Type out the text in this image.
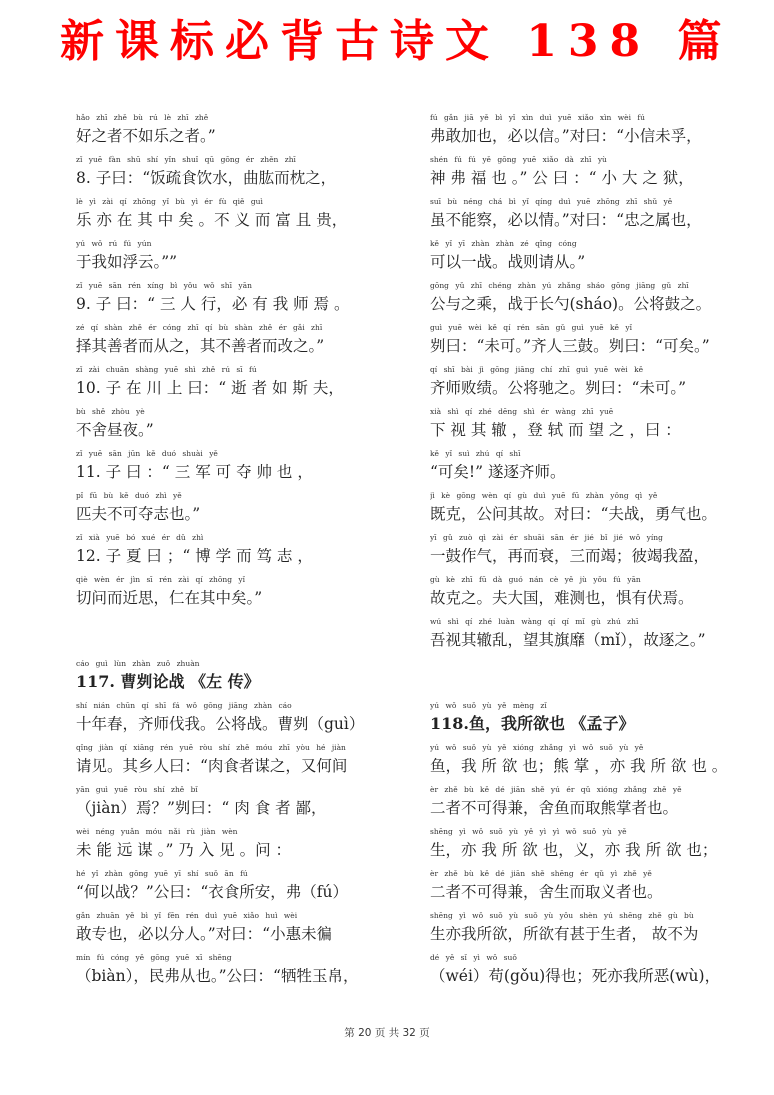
新课标必背古诗文 138 篇
hǎo zhī zhě bù rú lè zhī zhě
好之者不如乐之者。”
zǐ yuē fàn shū shí yǐn shuǐ qū gōng ér zhěn zhī
8. 子曰：“饭疏食饮水，曲肱而枕之，
lè yì zài qí zhōng yǐ bù yì ér fù qiě guì
乐 亦 在 其 中 矣 。不 义 而 富 且 贵，
yú wǒ rú fú yún
于我如浮云。””
zǐ yuē sān rén xíng bì yǒu wǒ shī yān
9. 子 曰：“ 三 人 行，必 有 我 师 焉 。
zé qí shàn zhě ér cóng zhī qí bù shàn zhě ér gǎi zhī
择其善者而从之，其不善者而改之。”
zǐ zài chuān shàng yuē shì zhě rú sī fú
10. 子 在 川 上 曰：“ 逝 者 如 斯 夫，
bù shě zhòu yè
不舍昼夜。”
zǐ yuē sān jūn kě duó shuài yě
11. 子 曰 ：“ 三 军 可 夺 帅 也 ，
pǐ fū bù kě duó zhì yě
匹夫不可夺志也。”
zǐ xià yuē bó xué ér dǔ zhì
12. 子 夏 曰 ；“ 博 学 而 笃 志 ，
qiè wèn ér jìn sī rén zài qí zhōng yǐ
切问而近思，仁在其中矣。”
cáo guì lùn zhàn zuǒ zhuàn
117. 曹刿论战 《左 传》
shí nián chūn qí shī fá wǒ gōng jiāng zhàn cáo
十年春，齐师伐我。公将战。曹刿（guì）
qǐng jiàn qí xiāng rén yuē ròu shí zhě móu zhī yòu hé jiàn
请见。其乡人曰：“肉食者谋之，又何间
yān guì yuē ròu shí zhě bǐ
（jiàn）焉？”刿曰：“ 肉 食 者 鄙，
wèi néng yuǎn móu nǎi rù jiàn wèn
未 能 远 谋 。” 乃 入 见 。问 ：
hé yǐ zhàn gōng yuē yī shí suǒ ān fú
“何以战？”公曰：“衣食所安，弗（fú）
gǎn zhuān yě bì yǐ fēn rén duì yuē xiǎo huì wèi
敢专也，必以分人。”对曰：“小惠未徧
mín fú cóng yě gōng yuē xī shēng
（biàn），民弗从也。”公曰：“牺牲玉帛，
fú gǎn jiā yě bì yǐ xìn duì yuē xiǎo xìn wèi fú
弗敢加也，必以信。”对曰：“小信未孚，
shén fú fú yě gōng yuē xiǎo dà zhī yù
神 弗 福 也 。” 公 曰 ：“ 小 大 之 狱，
suī bù néng chá bì yǐ qíng duì yuē zhōng zhī shǔ yě
虽不能察，必以情。”对曰：“忠之属也，
kě yǐ yī zhàn zhàn zé qǐng cóng
可以一战。战则请从。”
gōng yǔ zhī chéng zhàn yú zhǎng sháo gōng jiāng gǔ zhī
公与之乘，战于长勺(sháo)。公将鼓之。
guì yuē wèi kě qí rén sān gǔ guì yuē kě yǐ
刿曰：“未可。”齐人三鼓。刿曰：“可矣。”
qí shī bài jì gōng jiāng chí zhī guì yuē wèi kě
齐师败绩。公将驰之。刿曰：“未可。”
xià shì qí zhé dēng shì ér wàng zhī yuē
下 视 其 辙 ，登 轼 而 望 之 ，曰 ：
kě yǐ suì zhú qí shī
“可矣!” 遂逐齐师。
jì kè gōng wèn qí gù duì yuē fū zhàn yǒng qì yě
既克，公问其故。对曰：“夫战，勇气也。
yī gǔ zuò qì zài ér shuāi sān ér jié bǐ jié wǒ yíng
一鼓作气，再而衰，三而竭；彼竭我盈，
gù kè zhī fū dà guó nán cè yě jù yǒu fú yān
故克之。夫大国，难测也，惧有伏焉。
wú shì qí zhé luàn wàng qí qí mǐ gù zhú zhī
吾视其辙乱，望其旗靡（mǐ），故逐之。”
yú wǒ suǒ yù yě mèng zǐ
118.鱼，我所欲也 《孟子》
yú wǒ suǒ yù yě xióng zhǎng yì wǒ suǒ yù yě
鱼，我 所 欲 也；熊 掌 ，亦 我 所 欲 也 。
èr zhě bù kě dé jiān shě yú ér qǔ xióng zhǎng zhě yě
二者不可得兼，舍鱼而取熊掌者也。
shēng yì wǒ suǒ yù yě yì yì wǒ suǒ yù yě
生，亦 我 所 欲 也，义，亦 我 所 欲 也；
èr zhě bù kě dé jiān shě shēng ér qǔ yì zhě yě
二者不可得兼，舍生而取义者也。
shēng yì wǒ suǒ yù suǒ yù yǒu shèn yú shēng zhě gù bù
生亦我所欲，所欲有甚于生者， 故不为
dé yě sǐ yì wǒ suǒ
（wéi）苟(gǒu)得也；死亦我所恶(wù)，
第 20 页 共 32 页
